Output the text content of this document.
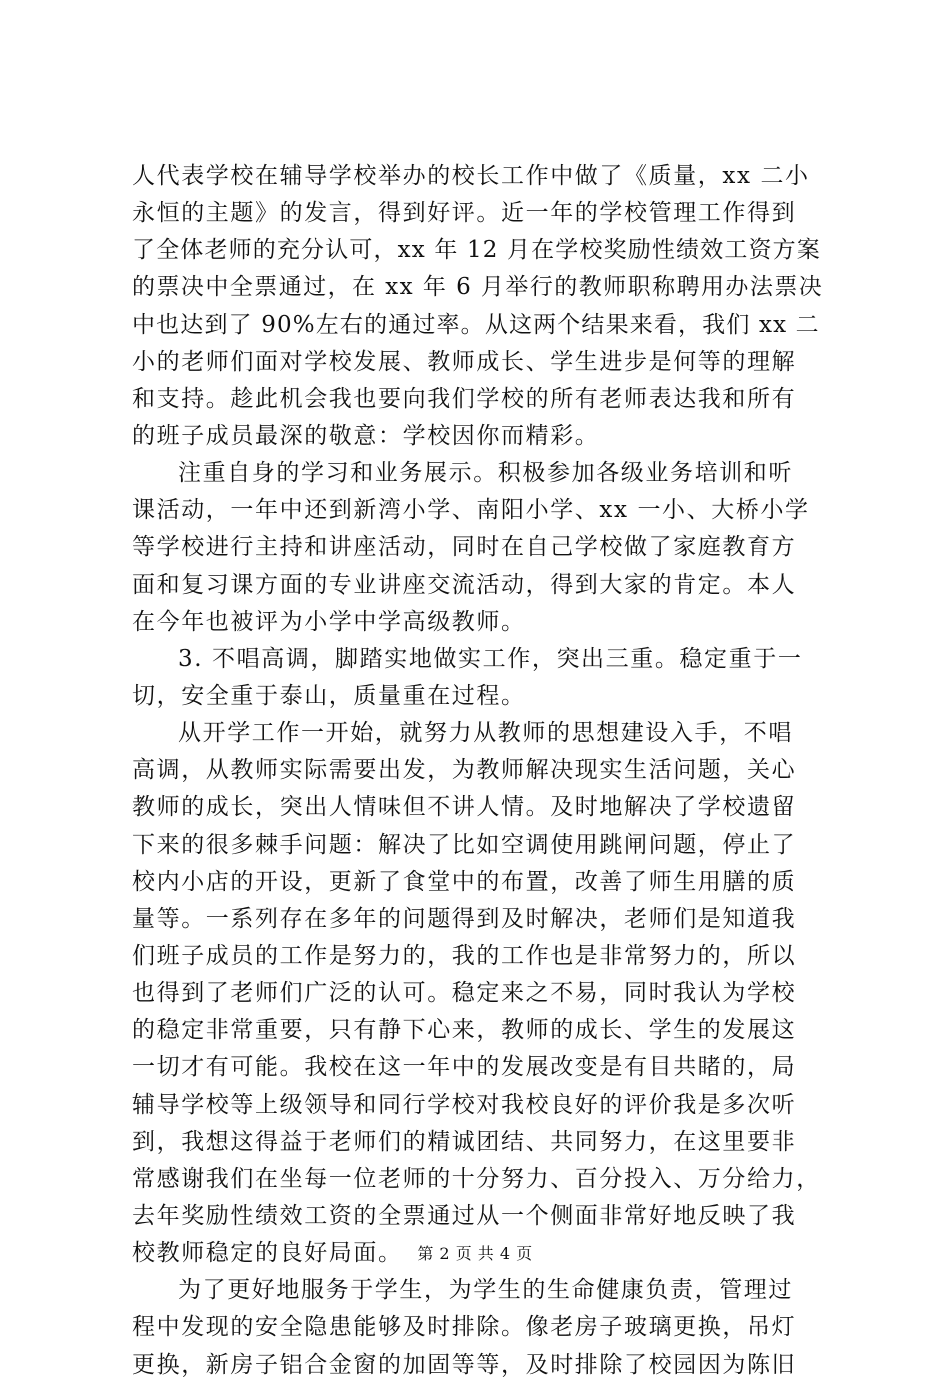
人代表学校在辅导学校举办的校长工作中做了《质量，xx 二小
永恒的主题》的发言，得到好评。近一年的学校管理工作得到
了全体老师的充分认可，xx 年 12 月在学校奖励性绩效工资方案
的票决中全票通过，在 xx 年 6 月举行的教师职称聘用办法票决
中也达到了 90%左右的通过率。从这两个结果来看，我们 xx 二
小的老师们面对学校发展、教师成长、学生进步是何等的理解
和支持。趁此机会我也要向我们学校的所有老师表达我和所有
的班子成员最深的敬意：学校因你而精彩。
注重自身的学习和业务展示。积极参加各级业务培训和听
课活动，一年中还到新湾小学、南阳小学、xx 一小、大桥小学
等学校进行主持和讲座活动，同时在自己学校做了家庭教育方
面和复习课方面的专业讲座交流活动，得到大家的肯定。本人
在今年也被评为小学中学高级教师。
3. 不唱高调，脚踏实地做实工作，突出三重。稳定重于一
切，安全重于泰山，质量重在过程。
从开学工作一开始，就努力从教师的思想建设入手，不唱
高调，从教师实际需要出发，为教师解决现实生活问题，关心
教师的成长，突出人情味但不讲人情。及时地解决了学校遗留
下来的很多棘手问题：解决了比如空调使用跳闸问题，停止了
校内小店的开设，更新了食堂中的布置，改善了师生用膳的质
量等。一系列存在多年的问题得到及时解决，老师们是知道我
们班子成员的工作是努力的，我的工作也是非常努力的，所以
也得到了老师们广泛的认可。稳定来之不易，同时我认为学校
的稳定非常重要，只有静下心来，教师的成长、学生的发展这
一切才有可能。我校在这一年中的发展改变是有目共睹的，局
辅导学校等上级领导和同行学校对我校良好的评价我是多次听
到，我想这得益于老师们的精诚团结、共同努力，在这里要非
常感谢我们在坐每一位老师的十分努力、百分投入、万分给力，
去年奖励性绩效工资的全票通过从一个侧面非常好地反映了我
校教师稳定的良好局面。
为了更好地服务于学生，为学生的生命健康负责，管理过
程中发现的安全隐患能够及时排除。像老房子玻璃更换，吊灯
更换，新房子铝合金窗的加固等等，及时排除了校园因为陈旧
第 2 页 共 4 页
